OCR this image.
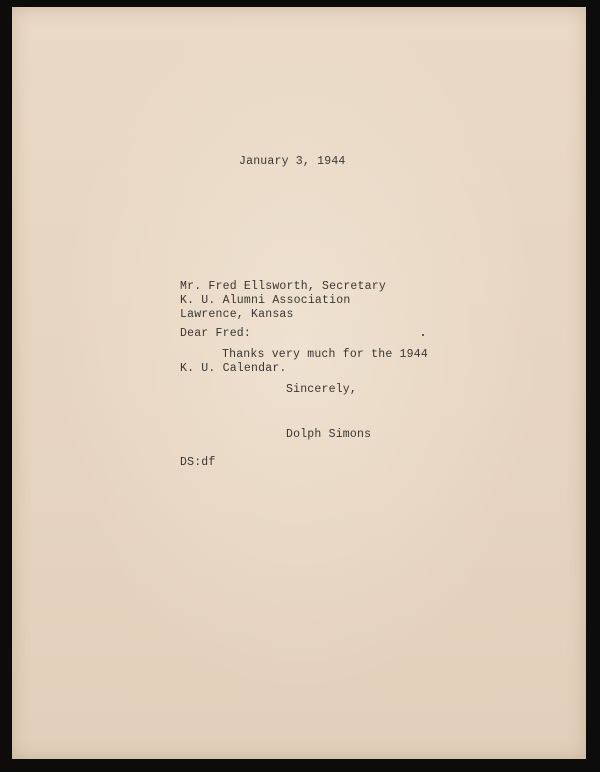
January 3, 1944
Mr. Fred Ellsworth, Secretary
K. U. Alumni Association
Lawrence, Kansas
Dear Fred:
Thanks very much for the 1944
K. U. Calendar.
Sincerely,
Dolph Simons
DS:df
